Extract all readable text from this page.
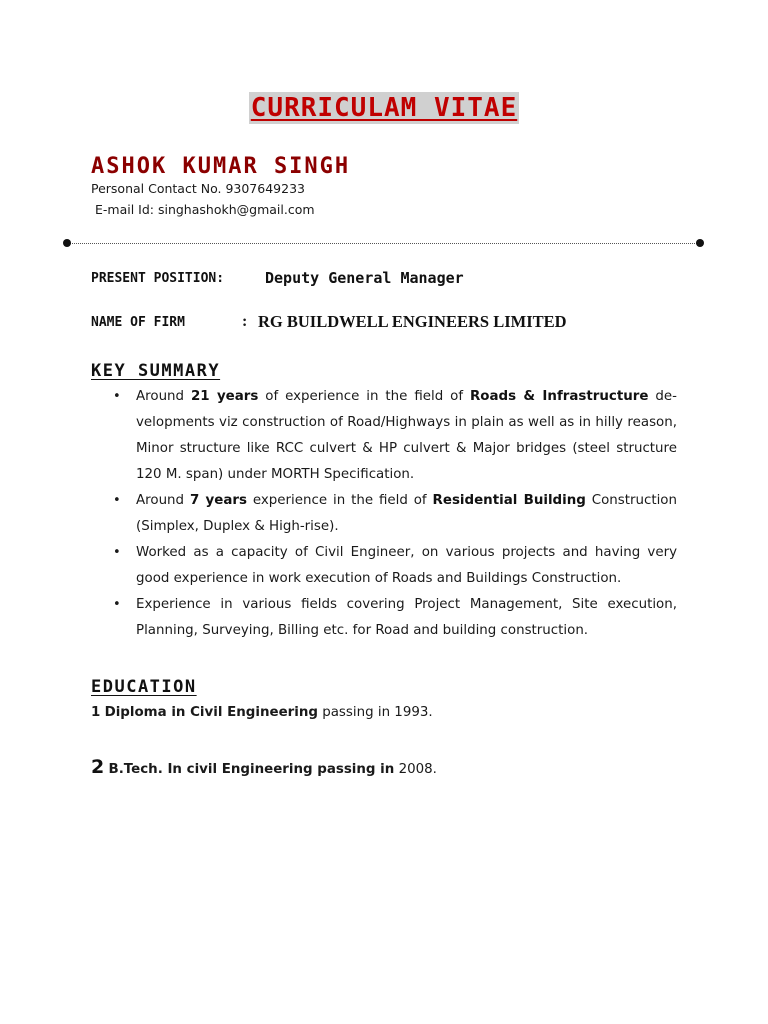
CURRICULAM VITAE
ASHOK KUMAR SINGH
Personal Contact No. 9307649233
E-mail Id: singhashokh@gmail.com
PRESENT POSITION:	Deputy General Manager
NAME OF FIRM	: RG BUILDWELL ENGINEERS LIMITED
KEY SUMMARY
• Around 21 years of experience in the field of Roads & Infrastructure developments viz construction of Road/Highways in plain as well as in hilly reason, Minor structure like RCC culvert & HP culvert & Major bridges (steel structure 120 M. span) under MORTH Specification.
• Around 7 years experience in the field of Residential Building Construction (Simplex, Duplex & High-rise).
• Worked as a capacity of Civil Engineer, on various projects and having very good experience in work execution of Roads and Buildings Construction.
• Experience in various fields covering Project Management, Site execution, Planning, Surveying, Billing etc. for Road and building construction.
EDUCATION
1 Diploma in Civil Engineering passing in 1993.
2 B.Tech. In civil Engineering passing in 2008.
